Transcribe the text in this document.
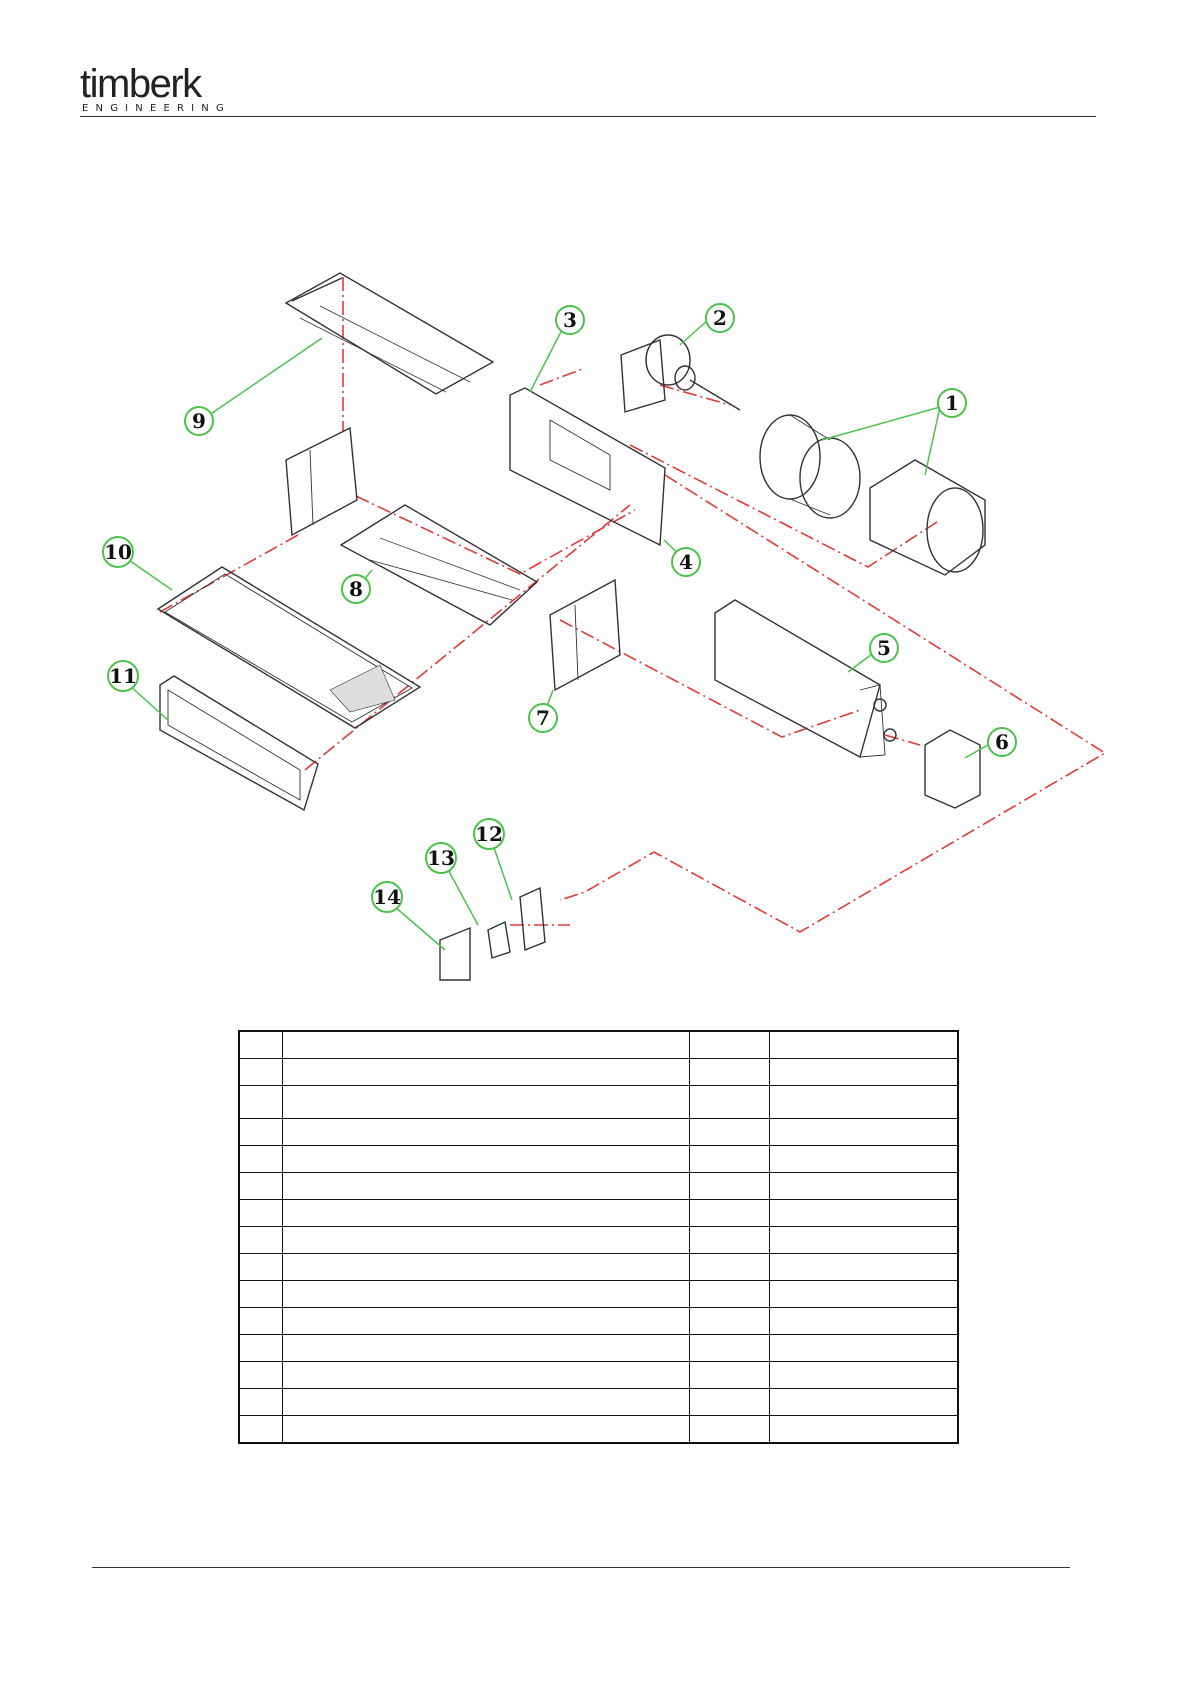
timberk
ENGINEERING
1
2
3
4
5
6
7
8
9
10
11
12
13
14
